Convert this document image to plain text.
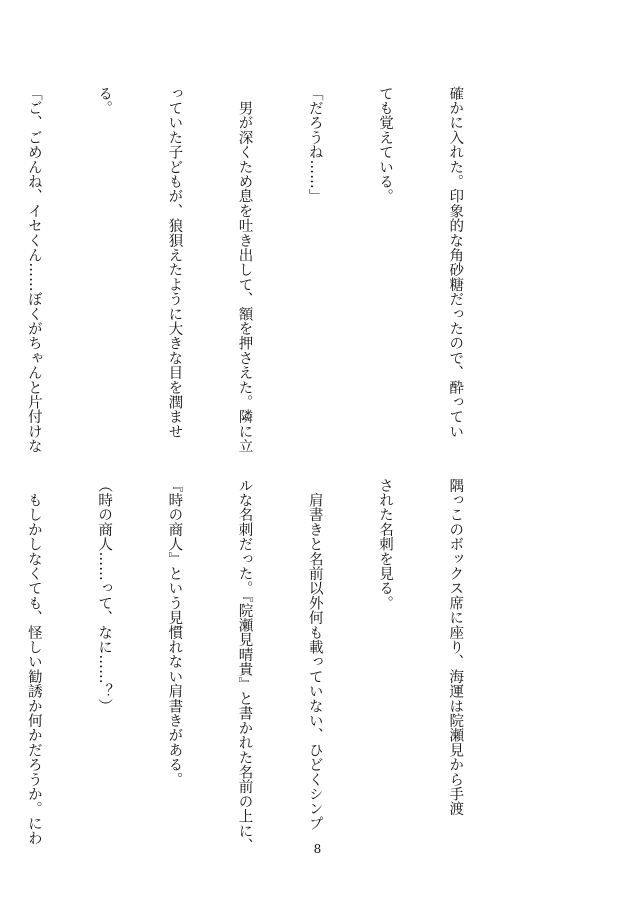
確かに入れた。印象的な角砂糖だったので、酔ってい

ても覚えている。

「だろうね……」

　男が深くため息を吐き出して、額を押さえた。隣に立

っていた子どもが、狼狽えたように大きな目を潤ませ

る。

「ご、ごめんね、イセくん……ぼくがちゃんと片付けな

隅っこのボックス席に座り、海運は院瀬見から手渡

された名刺を見る。

　肩書きと名前以外何も載っていない、ひどくシンプ

ルな名刺だった。『院瀬見晴貴』と書かれた名前の上に、

『時の商人』という見慣れない肩書きがある。

（時の商人……って、なに……？）

　もしかしなくても、怪しい勧誘か何かだろうか。にわ

8
